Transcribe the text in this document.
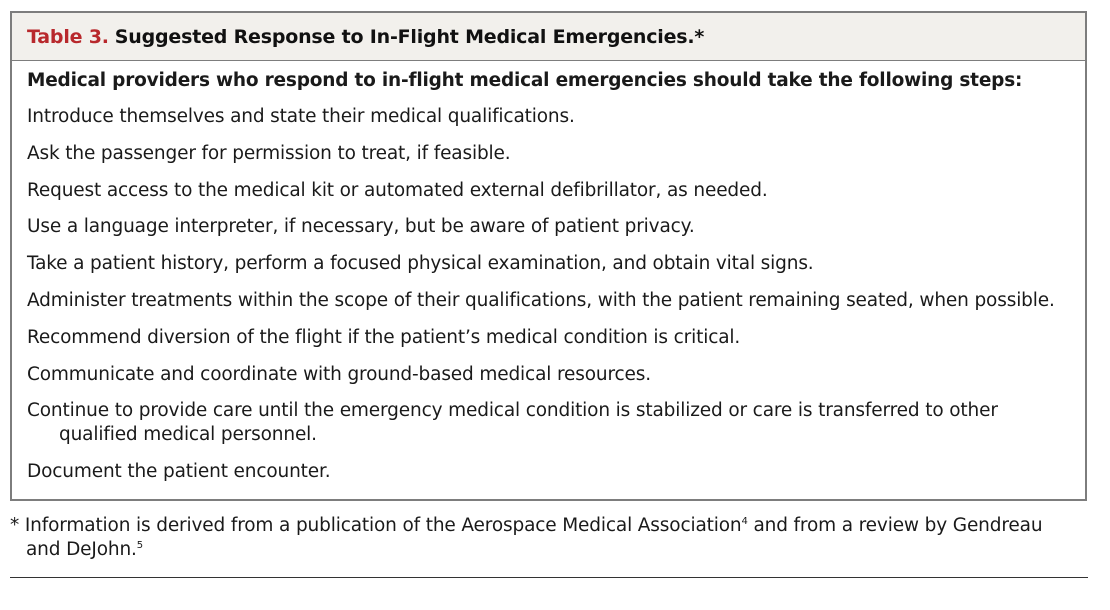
Table 3. Suggested Response to In-Flight Medical Emergencies.*
Medical providers who respond to in-flight medical emergencies should take the following steps:
Introduce themselves and state their medical qualifications.
Ask the passenger for permission to treat, if feasible.
Request access to the medical kit or automated external defibrillator, as needed.
Use a language interpreter, if necessary, but be aware of patient privacy.
Take a patient history, perform a focused physical examination, and obtain vital signs.
Administer treatments within the scope of their qualifications, with the patient remaining seated, when possible.
Recommend diversion of the flight if the patient’s medical condition is critical.
Communicate and coordinate with ground-based medical resources.
Continue to provide care until the emergency medical condition is stabilized or care is transferred to other qualified medical personnel.
Document the patient encounter.
* Information is derived from a publication of the Aerospace Medical Association$^4$ and from a review by Gendreau and DeJohn.$^5$
